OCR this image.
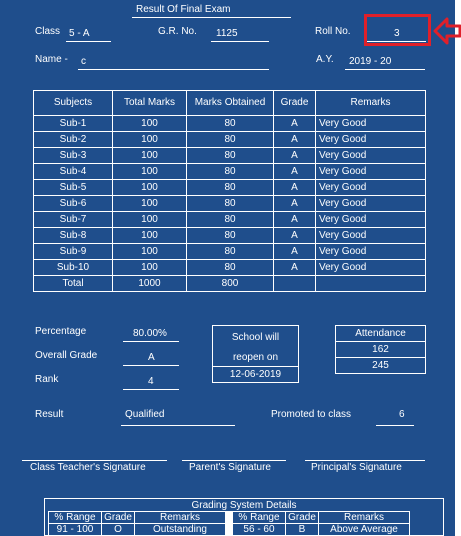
Result Of Final Exam
Class 5 - A	G.R. No. 1125	Roll No.	3
Name - c	A.Y. 2019 - 20
Subjects	Total Marks	Marks Obtained	Grade	Remarks
Sub-1	100	80	A	Very Good
Sub-2	100	80	A	Very Good
Sub-3	100	80	A	Very Good
Sub-4	100	80	A	Very Good
Sub-5	100	80	A	Very Good
Sub-6	100	80	A	Very Good
Sub-7	100	80	A	Very Good
Sub-8	100	80	A	Very Good
Sub-9	100	80	A	Very Good
Sub-10	100	80	A	Very Good
Total	1000	800		
Percentage	80.00%
Overall Grade	A
Rank	4
School will
reopen on
12-06-2019
Attendance
162
245
Result	Qualified	Promoted to class	6
Class Teacher's Signature	Parent's Signature	Principal's Signature
Grading System Details
% Range	Grade	Remarks	% Range	Grade	Remarks
91 - 100	O	Outstanding	56 - 60	B	Above Average
